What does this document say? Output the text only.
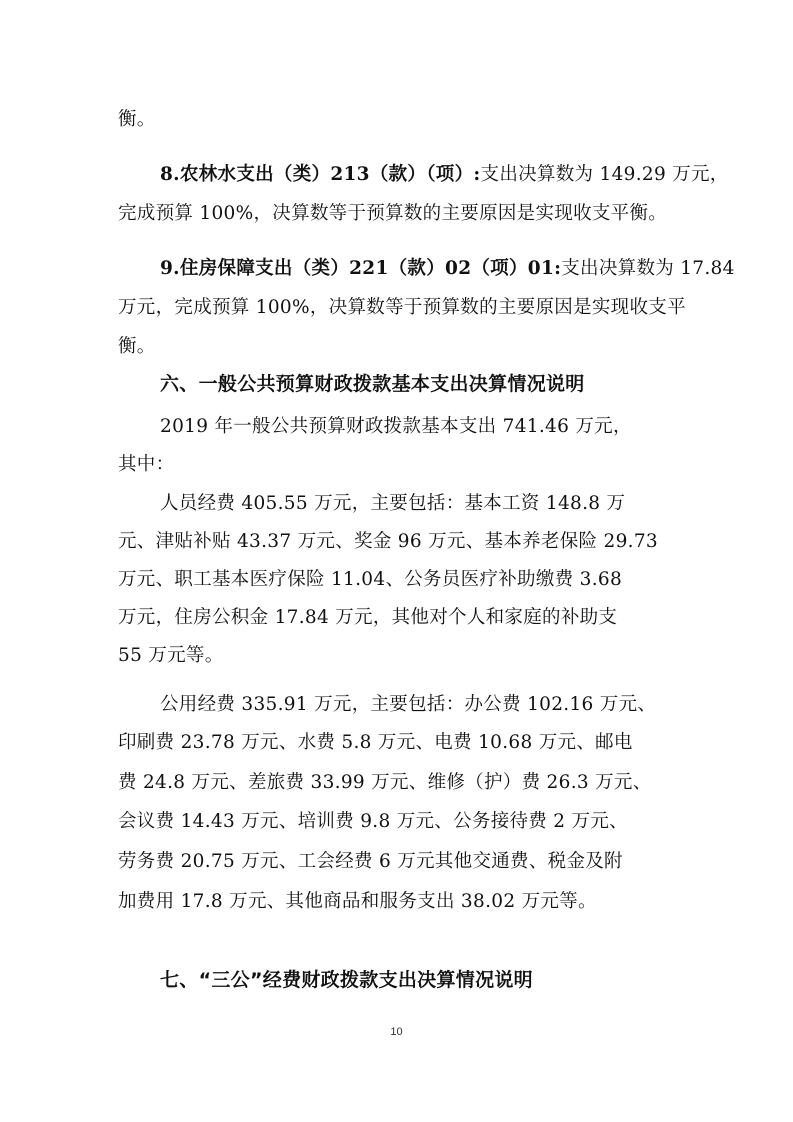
衡。
8.农林水支出（类）213（款）（项）:支出决算数为 149.29 万元，
完成预算 100%，决算数等于预算数的主要原因是实现收支平衡。
9.住房保障支出（类）221（款）02（项）01:支出决算数为 17.84
万元，完成预算 100%，决算数等于预算数的主要原因是实现收支平
衡。
六、一般公共预算财政拨款基本支出决算情况说明
2019 年一般公共预算财政拨款基本支出 741.46 万元，
其中：
人员经费 405.55 万元，主要包括：基本工资 148.8 万
元、津贴补贴 43.37 万元、奖金 96 万元、基本养老保险 29.73
万元、职工基本医疗保险 11.04、公务员医疗补助缴费 3.68
万元，住房公积金 17.84 万元，其他对个人和家庭的补助支
55 万元等。
公用经费 335.91 万元，主要包括：办公费 102.16 万元、
印刷费 23.78 万元、水费 5.8 万元、电费 10.68 万元、邮电
费 24.8 万元、差旅费 33.99 万元、维修（护）费 26.3 万元、
会议费 14.43 万元、培训费 9.8 万元、公务接待费 2 万元、
劳务费 20.75 万元、工会经费 6 万元其他交通费、税金及附
加费用 17.8 万元、其他商品和服务支出 38.02 万元等。
七、“三公”经费财政拨款支出决算情况说明
10
